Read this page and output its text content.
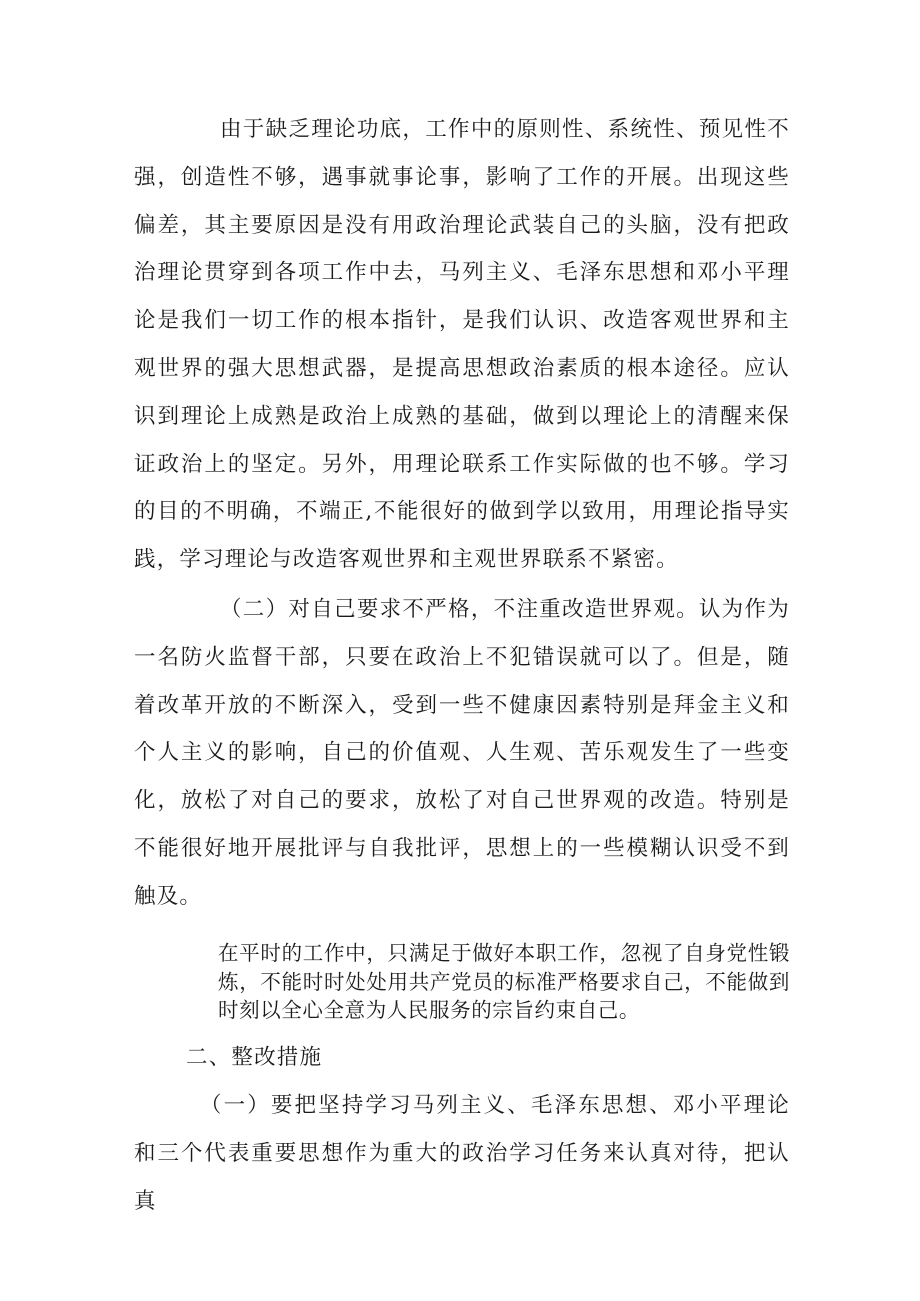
由于缺乏理论功底，工作中的原则性、系统性、预见性不强，创造性不够，遇事就事论事，影响了工作的开展。出现这些偏差，其主要原因是没有用政治理论武装自己的头脑，没有把政治理论贯穿到各项工作中去，马列主义、毛泽东思想和邓小平理论是我们一切工作的根本指针，是我们认识、改造客观世界和主观世界的强大思想武器，是提高思想政治素质的根本途径。应认识到理论上成熟是政治上成熟的基础，做到以理论上的清醒来保证政治上的坚定。另外，用理论联系工作实际做的也不够。学习的目的不明确，不端正,不能很好的做到学以致用，用理论指导实践，学习理论与改造客观世界和主观世界联系不紧密。

（二）对自己要求不严格，不注重改造世界观。认为作为一名防火监督干部，只要在政治上不犯错误就可以了。但是，随着改革开放的不断深入，受到一些不健康因素特别是拜金主义和个人主义的影响，自己的价值观、人生观、苦乐观发生了一些变化，放松了对自己的要求，放松了对自己世界观的改造。特别是不能很好地开展批评与自我批评，思想上的一些模糊认识受不到触及。

在平时的工作中，只满足于做好本职工作，忽视了自身党性锻炼，不能时时处处用共产党员的标准严格要求自己，不能做到时刻以全心全意为人民服务的宗旨约束自己。

二、整改措施

（一）要把坚持学习马列主义、毛泽东思想、邓小平理论和三个代表重要思想作为重大的政治学习任务来认真对待，把认真
